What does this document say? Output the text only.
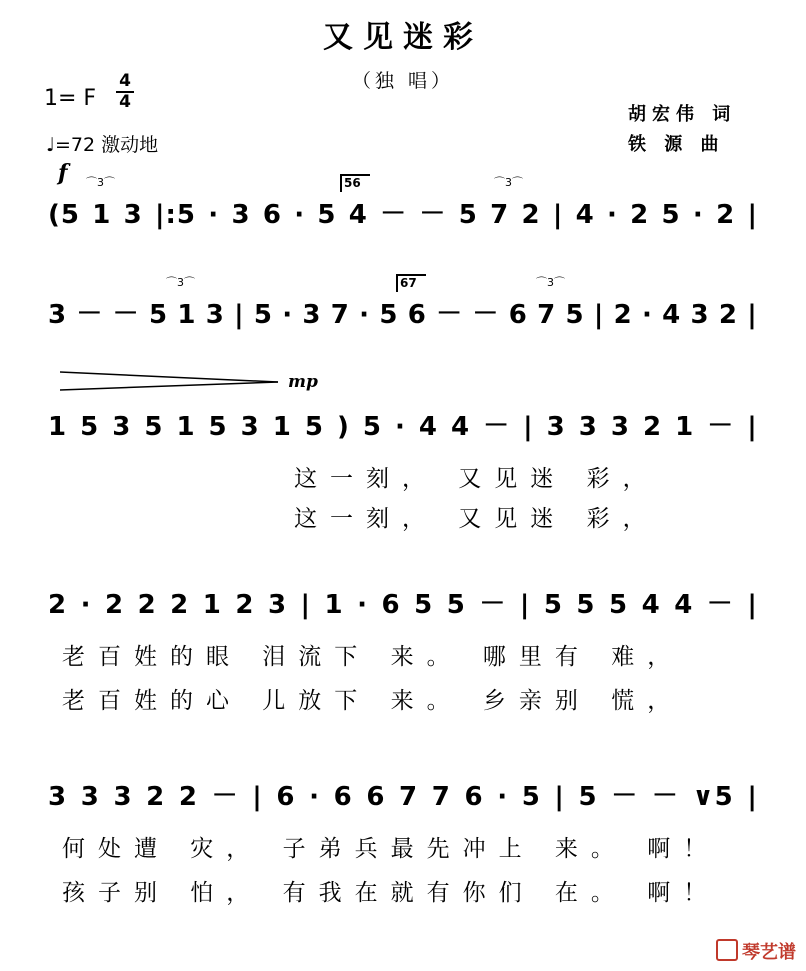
又见迷彩
（独 唱）
1= F $\frac{4}{4}$
♩=72 激动地
胡宏伟 词
铁 源 曲
f ⌒3⌒	56	⌒3⌒
(5 1 3 |:5 · 3 6 · 5 4 － － 5 7 2 | 4 · 2 5 · 2 |
⌒3⌒	67	⌒3⌒
3 － － 5 1 3 | 5 · 3 7 · 5 6 － － 6 7 5 | 2 · 4 3 2 |
mp
1 5 3 5 1 5 3 1 5 ) 5 · 4 4 － | 3 3 3 2 1 － |
这一刻， 又见迷 彩，
这一刻， 又见迷 彩，
2 · 2 2 2 1 2 3 | 1 · 6 5 5 － | 5 5 5 4 4 － |
老百姓的眼 泪流下 来。 哪里有 难，
老百姓的心 儿放下 来。 乡亲别 慌，
3 3 3 2 2 － | 6 · 6 6 7 7 6 · 5 | 5 － － ∨5 |
何处遭 灾， 子弟兵最先冲上 来。 啊！
孩子别 怕， 有我在就有你们 在。 啊！
琴艺谱
